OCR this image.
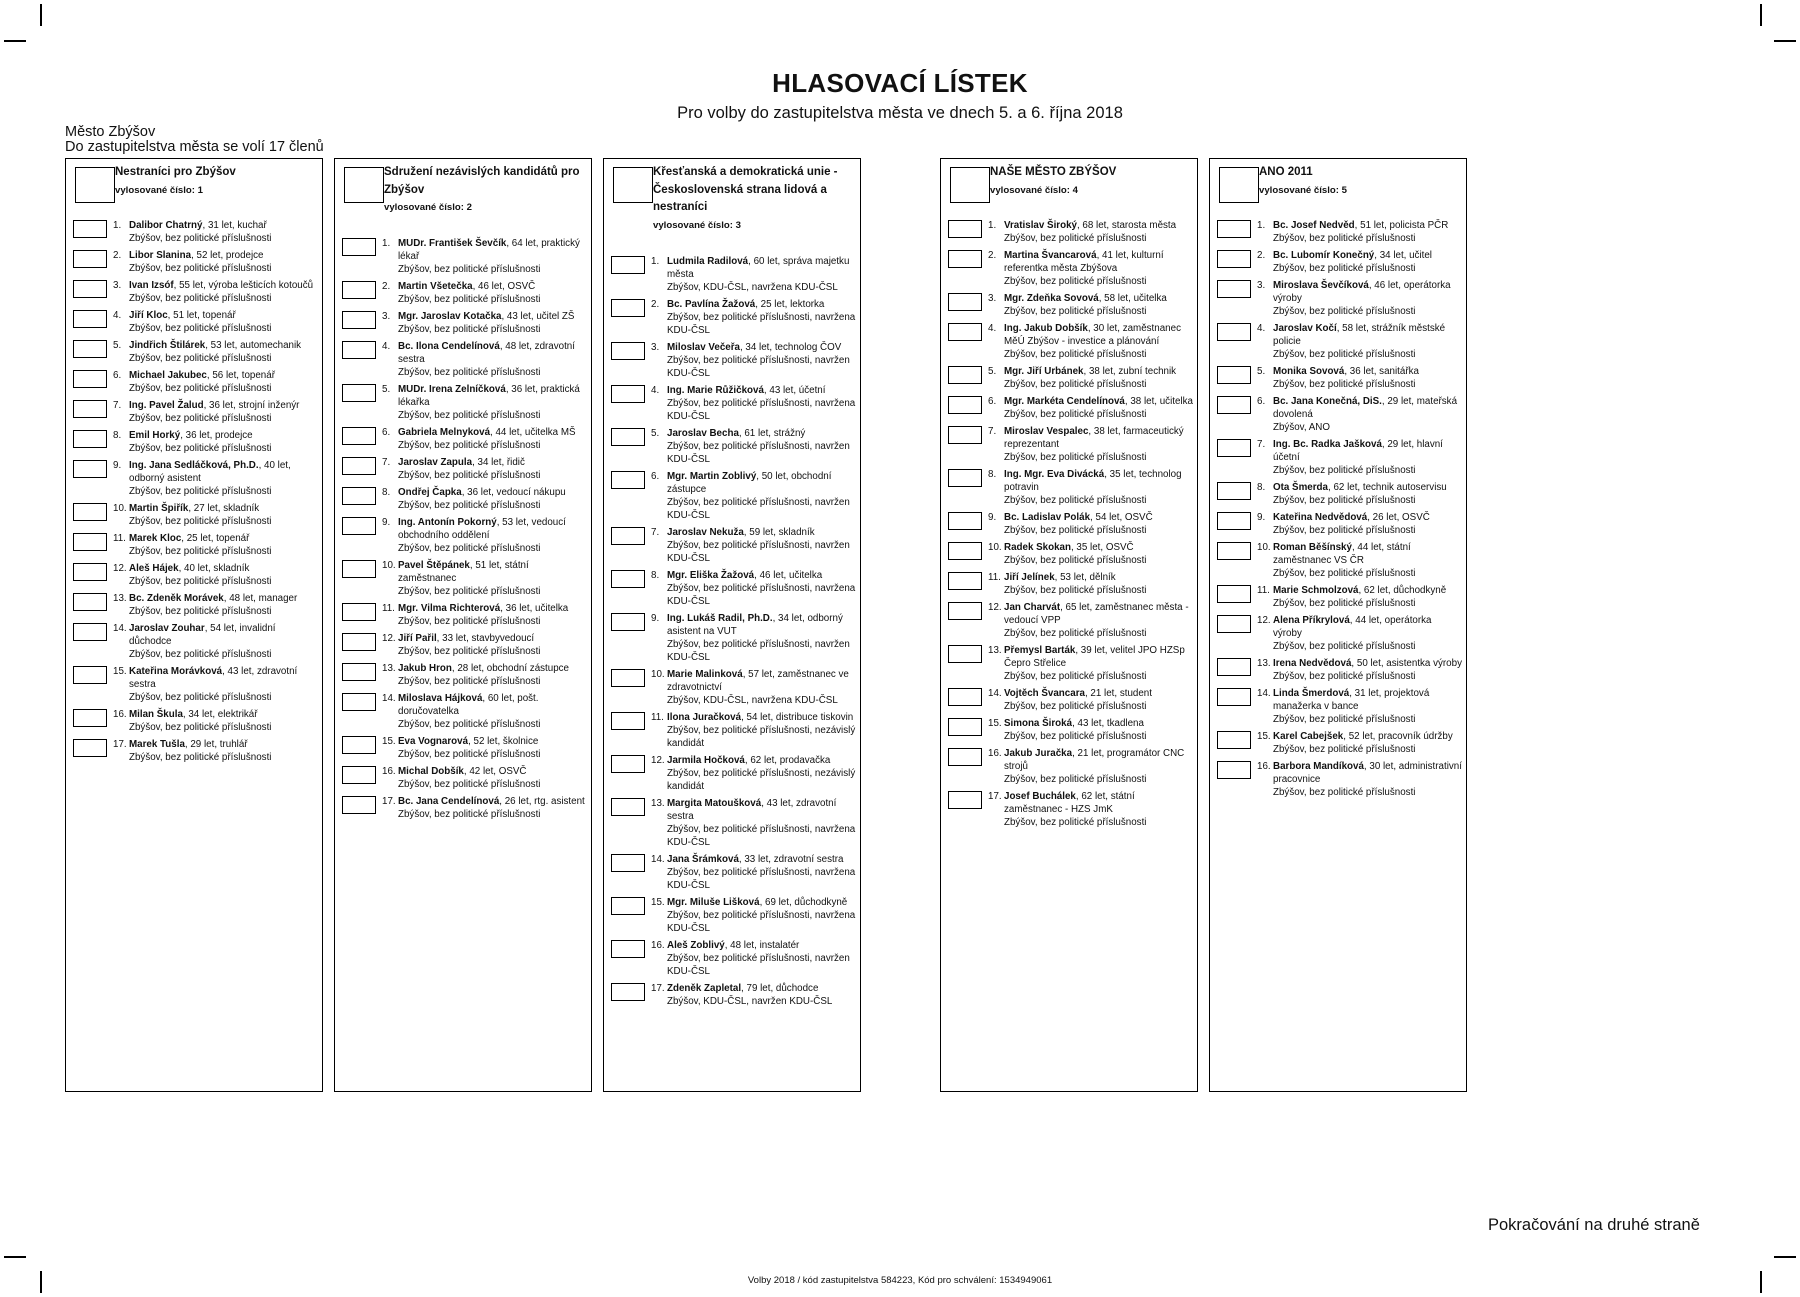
HLASOVACÍ LÍSTEK
Pro volby do zastupitelstva města ve dnech 5. a 6. října 2018
Město Zbýšov
Do zastupitelstva města se volí 17 členů
Nestraníci pro Zbýšov
vylosované číslo: 1
1. Dalibor Chatrný, 31 let, kuchař
Zbýšov, bez politické příslušnosti
2. Libor Slanina, 52 let, prodejce
Zbýšov, bez politické příslušnosti
3. Ivan Izsóf, 55 let, výroba lešticích kotoučů
Zbýšov, bez politické příslušnosti
4. Jiří Kloc, 51 let, topenář
Zbýšov, bez politické příslušnosti
5. Jindřich Štilárek, 53 let, automechanik
Zbýšov, bez politické příslušnosti
6. Michael Jakubec, 56 let, topenář
Zbýšov, bez politické příslušnosti
7. Ing. Pavel Žalud, 36 let, strojní inženýr
Zbýšov, bez politické příslušnosti
8. Emil Horký, 36 let, prodejce
Zbýšov, bez politické příslušnosti
9. Ing. Jana Sedláčková, Ph.D., 40 let, odborný asistent
Zbýšov, bez politické příslušnosti
10. Martin Špiřík, 27 let, skladník
Zbýšov, bez politické příslušnosti
11. Marek Kloc, 25 let, topenář
Zbýšov, bez politické příslušnosti
12. Aleš Hájek, 40 let, skladník
Zbýšov, bez politické příslušnosti
13. Bc. Zdeněk Morávek, 48 let, manager
Zbýšov, bez politické příslušnosti
14. Jaroslav Zouhar, 54 let, invalidní důchodce
Zbýšov, bez politické příslušnosti
15. Kateřina Morávková, 43 let, zdravotní sestra
Zbýšov, bez politické příslušnosti
16. Milan Škula, 34 let, elektrikář
Zbýšov, bez politické příslušnosti
17. Marek Tušla, 29 let, truhlář
Zbýšov, bez politické příslušnosti
Sdružení nezávislých kandidátů pro Zbýšov
vylosované číslo: 2
1. MUDr. František Ševčík, 64 let, praktický lékař
Zbýšov, bez politické příslušnosti
2. Martin Všetečka, 46 let, OSVČ
Zbýšov, bez politické příslušnosti
3. Mgr. Jaroslav Kotačka, 43 let, učitel ZŠ
Zbýšov, bez politické příslušnosti
4. Bc. Ilona Cendelínová, 48 let, zdravotní sestra
Zbýšov, bez politické příslušnosti
5. MUDr. Irena Zelníčková, 36 let, praktická lékařka
Zbýšov, bez politické příslušnosti
6. Gabriela Melnyková, 44 let, učitelka MŠ
Zbýšov, bez politické příslušnosti
7. Jaroslav Zapula, 34 let, řidič
Zbýšov, bez politické příslušnosti
8. Ondřej Čapka, 36 let, vedoucí nákupu
Zbýšov, bez politické příslušnosti
9. Ing. Antonín Pokorný, 53 let, vedoucí obchodního oddělení
Zbýšov, bez politické příslušnosti
10. Pavel Štěpánek, 51 let, státní zaměstnanec
Zbýšov, bez politické příslušnosti
11. Mgr. Vilma Richterová, 36 let, učitelka
Zbýšov, bez politické příslušnosti
12. Jiří Pařil, 33 let, stavbyvedoucí
Zbýšov, bez politické příslušnosti
13. Jakub Hron, 28 let, obchodní zástupce
Zbýšov, bez politické příslušnosti
14. Miloslava Hájková, 60 let, pošt. doručovatelka
Zbýšov, bez politické příslušnosti
15. Eva Vognarová, 52 let, školnice
Zbýšov, bez politické příslušnosti
16. Michal Dobšík, 42 let, OSVČ
Zbýšov, bez politické příslušnosti
17. Bc. Jana Cendelínová, 26 let, rtg. asistent
Zbýšov, bez politické příslušnosti
Křesťanská a demokratická unie - Československá strana lidová a nestraníci
vylosované číslo: 3
1. Ludmila Radilová, 60 let, správa majetku města
Zbýšov, KDU-ČSL, navržena KDU-ČSL
2. Bc. Pavlína Žažová, 25 let, lektorka
Zbýšov, bez politické příslušnosti, navržena KDU-ČSL
3. Miloslav Večeřa, 34 let, technolog ČOV
Zbýšov, bez politické příslušnosti, navržen KDU-ČSL
4. Ing. Marie Růžičková, 43 let, účetní
Zbýšov, bez politické příslušnosti, navržena KDU-ČSL
5. Jaroslav Becha, 61 let, strážný
Zbýšov, bez politické příslušnosti, navržen KDU-ČSL
6. Mgr. Martin Zoblivý, 50 let, obchodní zástupce
Zbýšov, bez politické příslušnosti, navržen KDU-ČSL
7. Jaroslav Nekuža, 59 let, skladník
Zbýšov, bez politické příslušnosti, navržen KDU-ČSL
8. Mgr. Eliška Žažová, 46 let, učitelka
Zbýšov, bez politické příslušnosti, navržena KDU-ČSL
9. Ing. Lukáš Radil, Ph.D., 34 let, odborný asistent na VUT
Zbýšov, bez politické příslušnosti, navržen KDU-ČSL
10. Marie Malinková, 57 let, zaměstnanec ve zdravotnictví
Zbýšov, KDU-ČSL, navržena KDU-ČSL
11. Ilona Juračková, 54 let, distribuce tiskovin
Zbýšov, bez politické příslušnosti, nezávislý kandidát
12. Jarmila Hočková, 62 let, prodavačka
Zbýšov, bez politické příslušnosti, nezávislý kandidát
13. Margita Matoušková, 43 let, zdravotní sestra
Zbýšov, bez politické příslušnosti, navržena KDU-ČSL
14. Jana Šrámková, 33 let, zdravotní sestra
Zbýšov, bez politické příslušnosti, navržena KDU-ČSL
15. Mgr. Miluše Lišková, 69 let, důchodkyně
Zbýšov, bez politické příslušnosti, navržena KDU-ČSL
16. Aleš Zoblivý, 48 let, instalatér
Zbýšov, bez politické příslušnosti, navržen KDU-ČSL
17. Zdeněk Zapletal, 79 let, důchodce
Zbýšov, KDU-ČSL, navržen KDU-ČSL
NAŠE MĚSTO ZBÝŠOV
vylosované číslo: 4
1. Vratislav Široký, 68 let, starosta města
Zbýšov, bez politické příslušnosti
2. Martina Švancarová, 41 let, kulturní referentka města Zbýšova
Zbýšov, bez politické příslušnosti
3. Mgr. Zdeňka Sovová, 58 let, učitelka
Zbýšov, bez politické příslušnosti
4. Ing. Jakub Dobšík, 30 let, zaměstnanec MěÚ Zbýšov - investice a plánování
Zbýšov, bez politické příslušnosti
5. Mgr. Jiří Urbánek, 38 let, zubní technik
Zbýšov, bez politické příslušnosti
6. Mgr. Markéta Cendelínová, 38 let, učitelka
Zbýšov, bez politické příslušnosti
7. Miroslav Vespalec, 38 let, farmaceutický reprezentant
Zbýšov, bez politické příslušnosti
8. Ing. Mgr. Eva Divácká, 35 let, technolog potravin
Zbýšov, bez politické příslušnosti
9. Bc. Ladislav Polák, 54 let, OSVČ
Zbýšov, bez politické příslušnosti
10. Radek Skokan, 35 let, OSVČ
Zbýšov, bez politické příslušnosti
11. Jiří Jelínek, 53 let, dělník
Zbýšov, bez politické příslušnosti
12. Jan Charvát, 65 let, zaměstnanec města - vedoucí VPP
Zbýšov, bez politické příslušnosti
13. Přemysl Barták, 39 let, velitel JPO HZSp Čepro Střelice
Zbýšov, bez politické příslušnosti
14. Vojtěch Švancara, 21 let, student
Zbýšov, bez politické příslušnosti
15. Simona Široká, 43 let, tkadlena
Zbýšov, bez politické příslušnosti
16. Jakub Juračka, 21 let, programátor CNC strojů
Zbýšov, bez politické příslušnosti
17. Josef Buchálek, 62 let, státní zaměstnanec - HZS JmK
Zbýšov, bez politické příslušnosti
ANO 2011
vylosované číslo: 5
1. Bc. Josef Nedvěd, 51 let, policista PČR
Zbýšov, bez politické příslušnosti
2. Bc. Lubomír Konečný, 34 let, učitel
Zbýšov, bez politické příslušnosti
3. Miroslava Ševčíková, 46 let, operátorka výroby
Zbýšov, bez politické příslušnosti
4. Jaroslav Kočí, 58 let, strážník městské policie
Zbýšov, bez politické příslušnosti
5. Monika Sovová, 36 let, sanitářka
Zbýšov, bez politické příslušnosti
6. Bc. Jana Konečná, DiS., 29 let, mateřská dovolená
Zbýšov, ANO
7. Ing. Bc. Radka Jašková, 29 let, hlavní účetní
Zbýšov, bez politické příslušnosti
8. Ota Šmerda, 62 let, technik autoservisu
Zbýšov, bez politické příslušnosti
9. Kateřina Nedvědová, 26 let, OSVČ
Zbýšov, bez politické příslušnosti
10. Roman Běšínský, 44 let, státní zaměstnanec VS ČR
Zbýšov, bez politické příslušnosti
11. Marie Schmolzová, 62 let, důchodkyně
Zbýšov, bez politické příslušnosti
12. Alena Příkrylová, 44 let, operátorka výroby
Zbýšov, bez politické příslušnosti
13. Irena Nedvědová, 50 let, asistentka výroby
Zbýšov, bez politické příslušnosti
14. Linda Šmerdová, 31 let, projektová manažerka v bance
Zbýšov, bez politické příslušnosti
15. Karel Cabejšek, 52 let, pracovník údržby
Zbýšov, bez politické příslušnosti
16. Barbora Mandíková, 30 let, administrativní pracovnice
Zbýšov, bez politické příslušnosti
Pokračování na druhé straně
Volby 2018 / kód zastupitelstva 584223, Kód pro schválení: 1534949061
